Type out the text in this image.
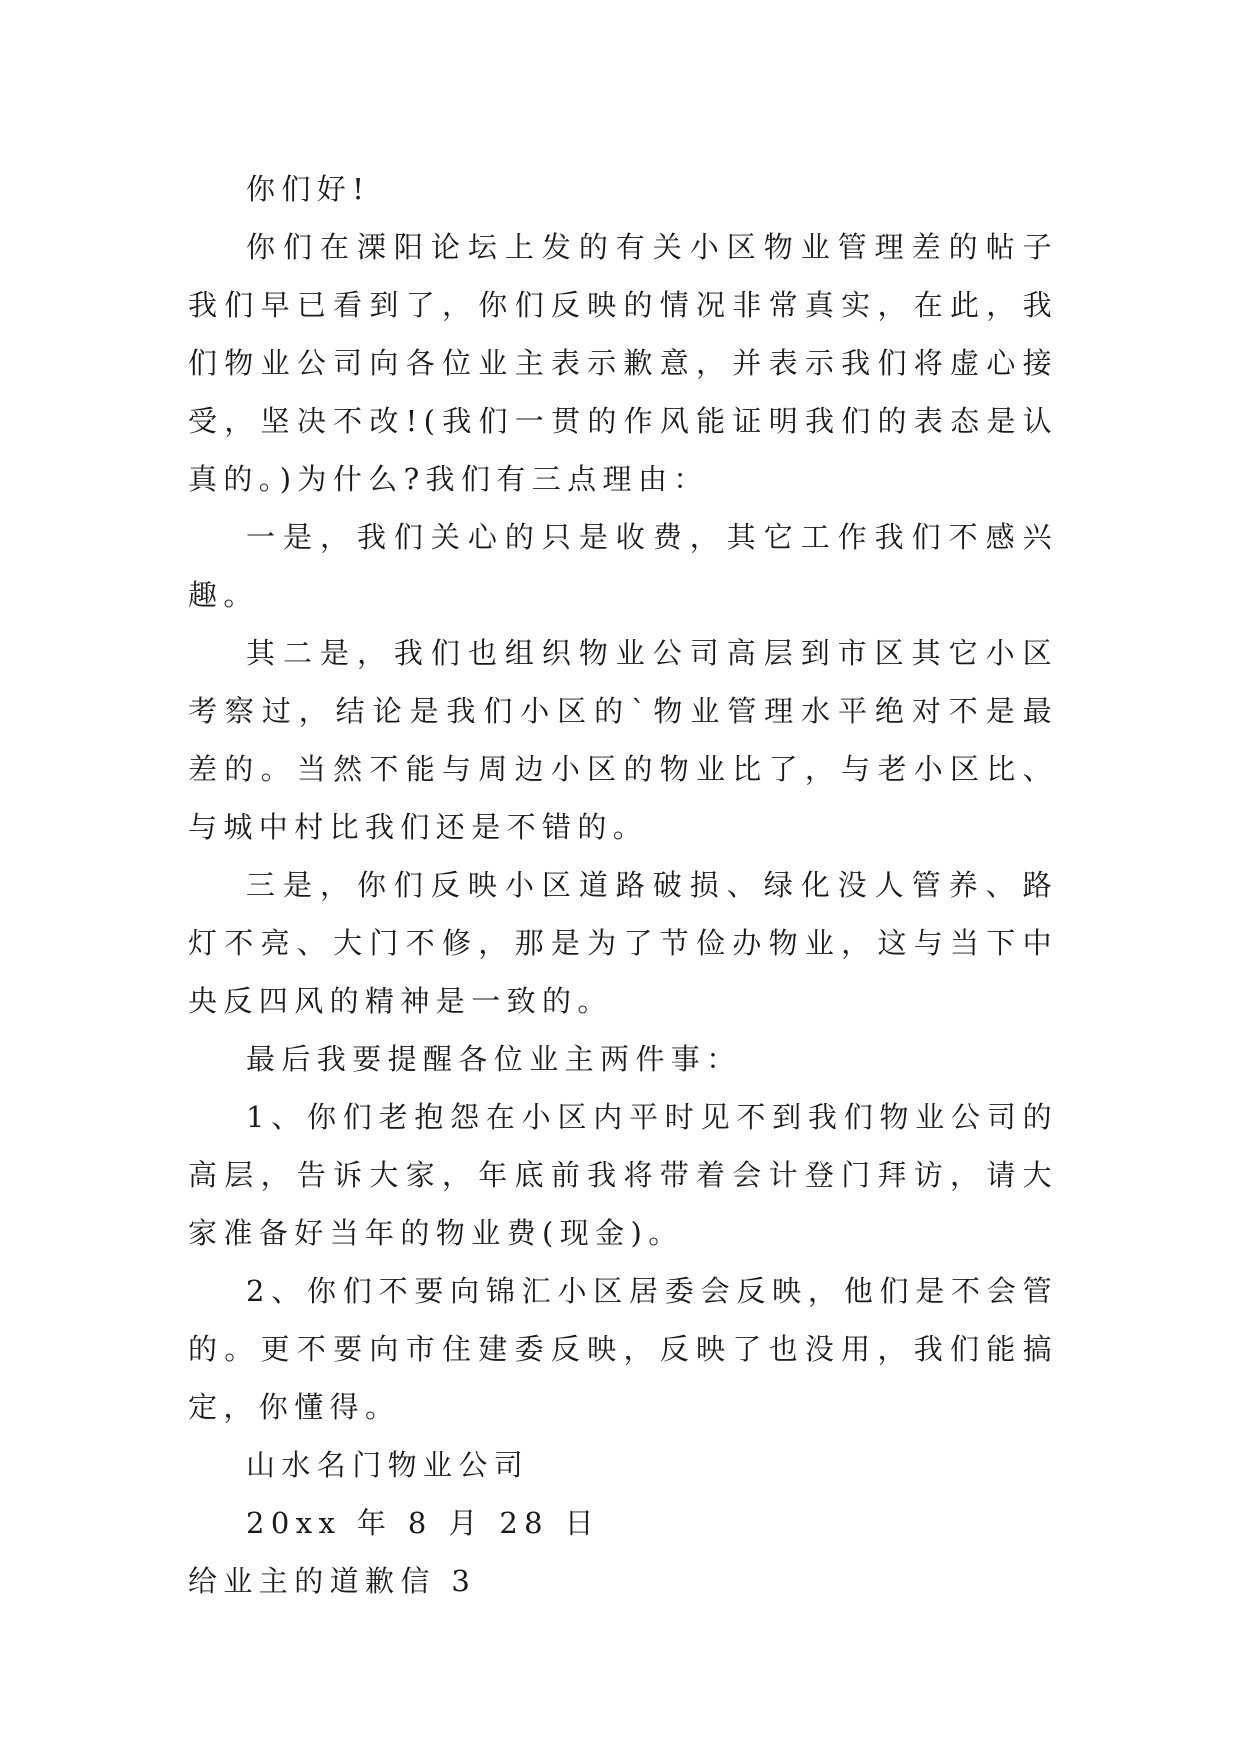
你们好!

你们在溧阳论坛上发的有关小区物业管理差的帖子我们早已看到了，你们反映的情况非常真实，在此，我们物业公司向各位业主表示歉意，并表示我们将虚心接受，坚决不改!(我们一贯的作风能证明我们的表态是认真的。)为什么?我们有三点理由：

一是，我们关心的只是收费，其它工作我们不感兴趣。

其二是，我们也组织物业公司高层到市区其它小区考察过，结论是我们小区的`物业管理水平绝对不是最差的。当然不能与周边小区的物业比了，与老小区比、与城中村比我们还是不错的。

三是，你们反映小区道路破损、绿化没人管养、路灯不亮、大门不修，那是为了节俭办物业，这与当下中央反四风的精神是一致的。

最后我要提醒各位业主两件事：

1、你们老抱怨在小区内平时见不到我们物业公司的高层，告诉大家，年底前我将带着会计登门拜访，请大家准备好当年的物业费(现金)。

2、你们不要向锦汇小区居委会反映，他们是不会管的。更不要向市住建委反映，反映了也没用，我们能搞定，你懂得。

山水名门物业公司

20xx 年 8 月 28 日

给业主的道歉信 3
